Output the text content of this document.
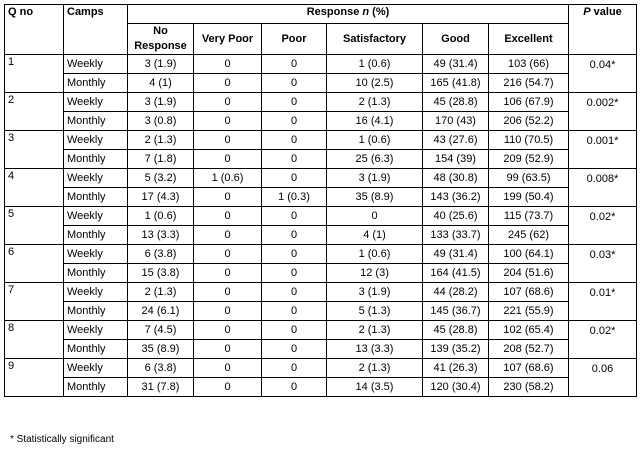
Q no	Camps	Response n (%)						P value
		No Response	Very Poor	Poor	Satisfactory	Good	Excellent	
1	Weekly	3 (1.9)	0	0	1 (0.6)	49 (31.4)	103 (66)	0.04*
	Monthly	4 (1)	0	0	10 (2.5)	165 (41.8)	216 (54.7)	
2	Weekly	3 (1.9)	0	0	2 (1.3)	45 (28.8)	106 (67.9)	0.002*
	Monthly	3 (0.8)	0	0	16 (4.1)	170 (43)	206 (52.2)	
3	Weekly	2 (1.3)	0	0	1 (0.6)	43 (27.6)	110 (70.5)	0.001*
	Monthly	7 (1.8)	0	0	25 (6.3)	154 (39)	209 (52.9)	
4	Weekly	5 (3.2)	1 (0.6)	0	3 (1.9)	48 (30.8)	99 (63.5)	0.008*
	Monthly	17 (4.3)	0	1 (0.3)	35 (8.9)	143 (36.2)	199 (50.4)	
5	Weekly	1 (0.6)	0	0	0	40 (25.6)	115 (73.7)	0.02*
	Monthly	13 (3.3)	0	0	4 (1)	133 (33.7)	245 (62)	
6	Weekly	6 (3.8)	0	0	1 (0.6)	49 (31.4)	100 (64.1)	0.03*
	Monthly	15 (3.8)	0	0	12 (3)	164 (41.5)	204 (51.6)	
7	Weekly	2 (1.3)	0	0	3 (1.9)	44 (28.2)	107 (68.6)	0.01*
	Monthly	24 (6.1)	0	0	5 (1.3)	145 (36.7)	221 (55.9)	
8	Weekly	7 (4.5)	0	0	2 (1.3)	45 (28.8)	102 (65.4)	0.02*
	Monthly	35 (8.9)	0	0	13 (3.3)	139 (35.2)	208 (52.7)	
9	Weekly	6 (3.8)	0	0	2 (1.3)	41 (26.3)	107 (68.6)	0.06
	Monthly	31 (7.8)	0	0	14 (3.5)	120 (30.4)	230 (58.2)	
* Statistically significant
